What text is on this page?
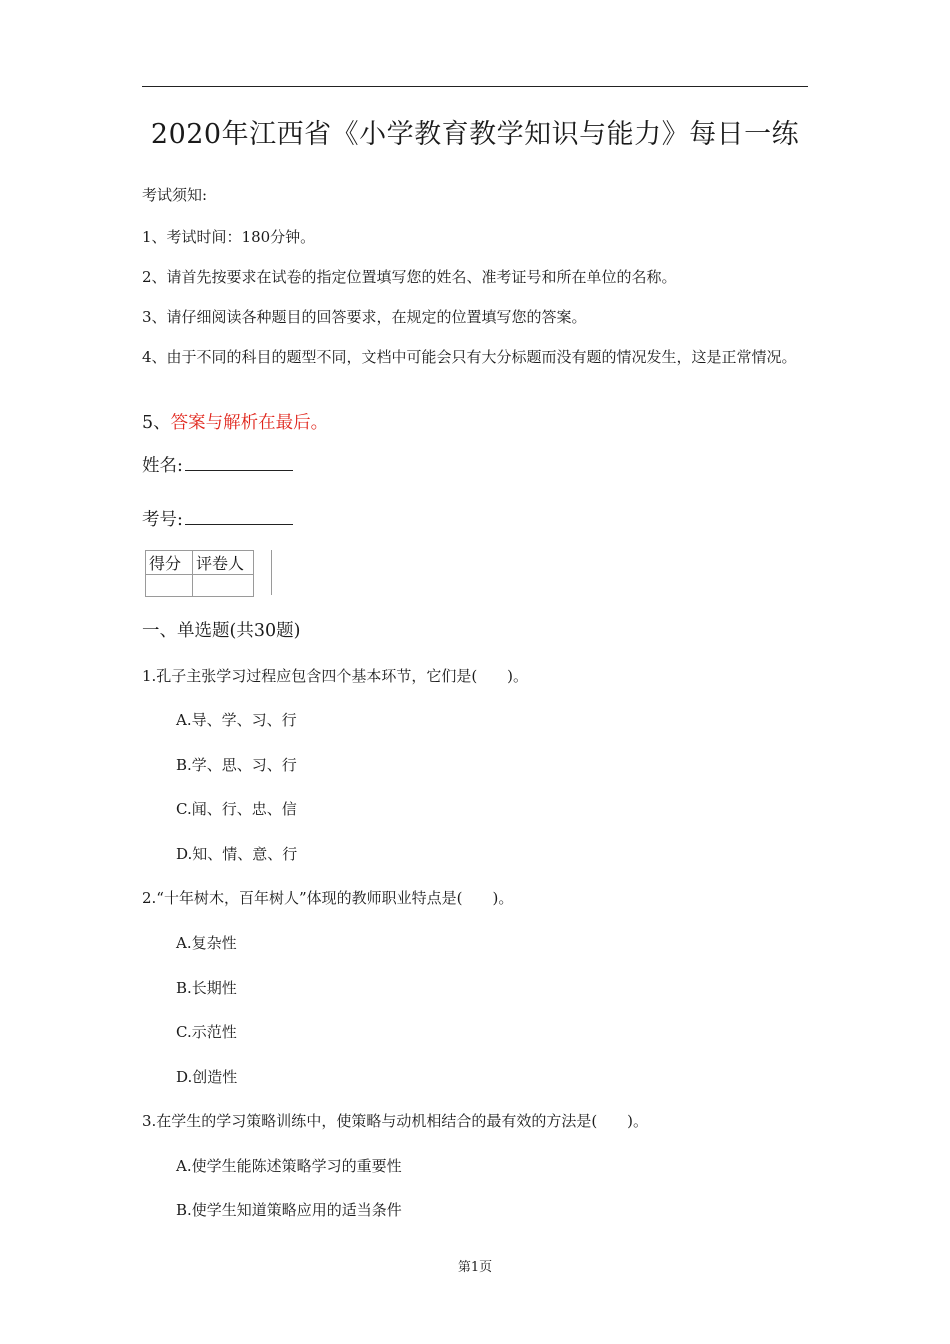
2020年江西省《小学教育教学知识与能力》每日一练
考试须知:
1、考试时间：180分钟。
2、请首先按要求在试卷的指定位置填写您的姓名、准考证号和所在单位的名称。
3、请仔细阅读各种题目的回答要求，在规定的位置填写您的答案。
4、由于不同的科目的题型不同，文档中可能会只有大分标题而没有题的情况发生，这是正常情况。
5、答案与解析在最后。
姓名:
考号:
得分	评卷人

一、单选题(共30题)
1.孔子主张学习过程应包含四个基本环节，它们是(　　)。
A.导、学、习、行
B.学、思、习、行
C.闻、行、忠、信
D.知、情、意、行
2.“十年树木，百年树人”体现的教师职业特点是(　　)。
A.复杂性
B.长期性
C.示范性
D.创造性
3.在学生的学习策略训练中，使策略与动机相结合的最有效的方法是(　　)。
A.使学生能陈述策略学习的重要性
B.使学生知道策略应用的适当条件
第1页
